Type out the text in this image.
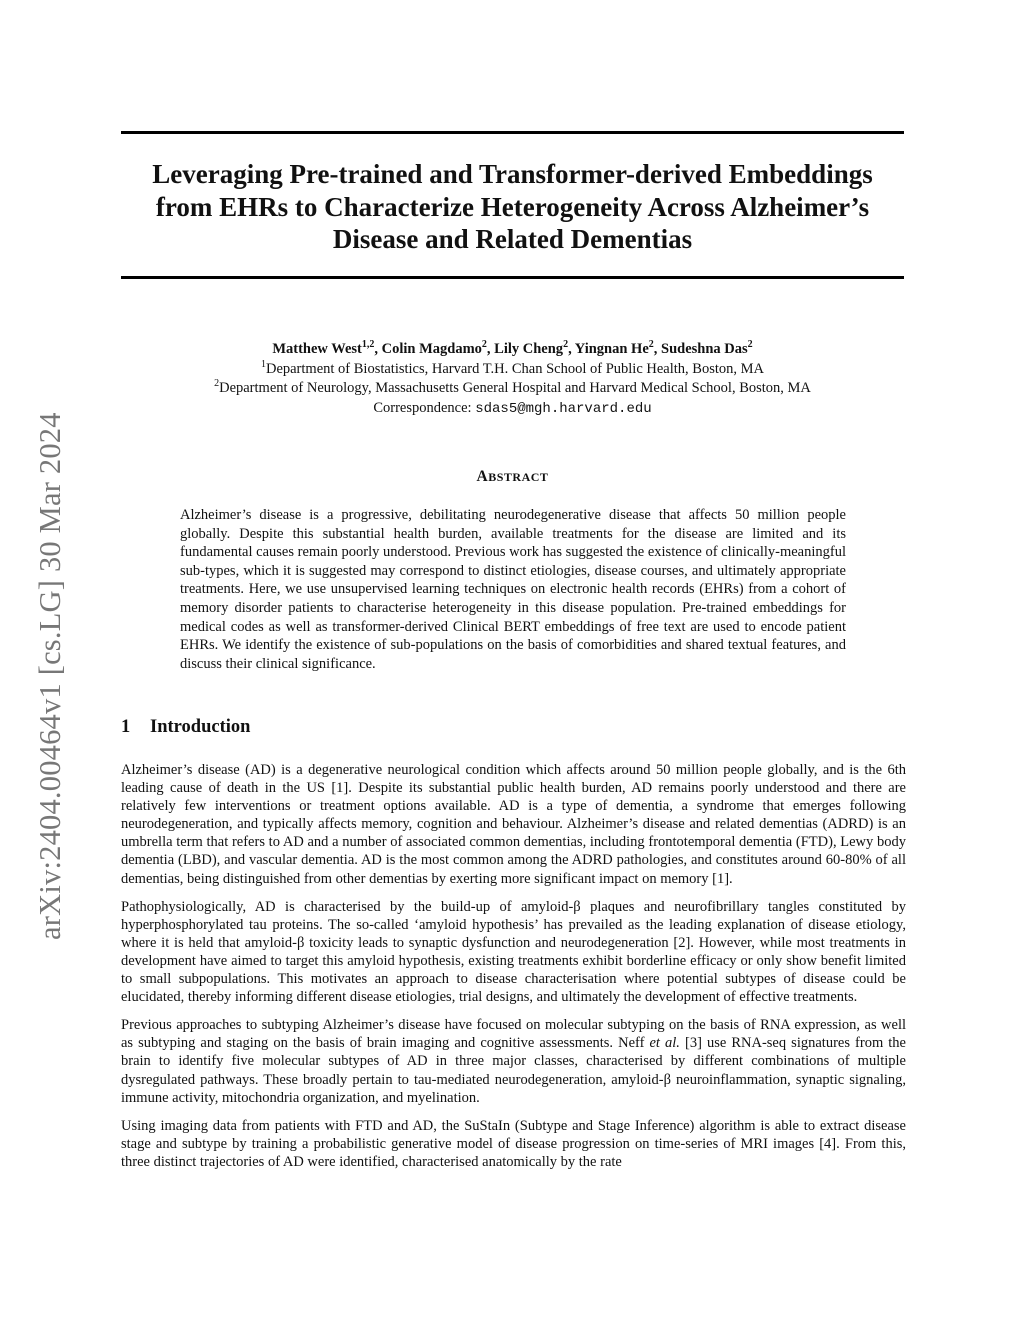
arXiv:2404.00464v1 [cs.LG] 30 Mar 2024
Leveraging Pre-trained and Transformer-derived Embeddings
from EHRs to Characterize Heterogeneity Across Alzheimer’s
Disease and Related Dementias
Matthew West$^{1,2}$, Colin Magdamo$^2$, Lily Cheng$^2$, Yingnan He$^2$, Sudeshna Das$^2$
$^1$Department of Biostatistics, Harvard T.H. Chan School of Public Health, Boston, MA
$^2$Department of Neurology, Massachusetts General Hospital and Harvard Medical School, Boston, MA
Correspondence: sdas5@mgh.harvard.edu
ABSTRACT

Alzheimer’s disease is a progressive, debilitating neurodegenerative disease that affects 50 million people globally. Despite this substantial health burden, available treatments for the disease are limited and its fundamental causes remain poorly understood. Previous work has suggested the existence of clinically-meaningful sub-types, which it is suggested may correspond to distinct etiologies, disease courses, and ultimately appropriate treatments. Here, we use unsupervised learning techniques on electronic health records (EHRs) from a cohort of memory disorder patients to characterise heterogeneity in this disease population. Pre-trained embeddings for medical codes as well as transformer-derived Clinical BERT embeddings of free text are used to encode patient EHRs. We identify the existence of sub-populations on the basis of comorbidities and shared textual features, and discuss their clinical significance.

1 Introduction

Alzheimer’s disease (AD) is a degenerative neurological condition which affects around 50 million people globally, and is the 6th leading cause of death in the US [1]. Despite its substantial public health burden, AD remains poorly understood and there are relatively few interventions or treatment options available. AD is a type of dementia, a syndrome that emerges following neurodegeneration, and typically affects memory, cognition and behaviour. Alzheimer’s disease and related dementias (ADRD) is an umbrella term that refers to AD and a number of associated common dementias, including frontotemporal dementia (FTD), Lewy body dementia (LBD), and vascular dementia. AD is the most common among the ADRD pathologies, and constitutes around 60-80% of all dementias, being distinguished from other dementias by exerting more significant impact on memory [1].

Pathophysiologically, AD is characterised by the build-up of amyloid-β plaques and neurofibrillary tangles constituted by hyperphosphorylated tau proteins. The so-called ‘amyloid hypothesis’ has prevailed as the leading explanation of disease etiology, where it is held that amyloid-β toxicity leads to synaptic dysfunction and neurodegeneration [2]. However, while most treatments in development have aimed to target this amyloid hypothesis, existing treatments exhibit borderline efficacy or only show benefit limited to small subpopulations. This motivates an approach to disease characterisation where potential subtypes of disease could be elucidated, thereby informing different disease etiologies, trial designs, and ultimately the development of effective treatments.

Previous approaches to subtyping Alzheimer’s disease have focused on molecular subtyping on the basis of RNA expression, as well as subtyping and staging on the basis of brain imaging and cognitive assessments. Neff et al. [3] use RNA-seq signatures from the brain to identify five molecular subtypes of AD in three major classes, characterised by different combinations of multiple dysregulated pathways. These broadly pertain to tau-mediated neurodegeneration, amyloid-β neuroinflammation, synaptic signaling, immune activity, mitochondria organization, and myelination.

Using imaging data from patients with FTD and AD, the SuStaIn (Subtype and Stage Inference) algorithm is able to extract disease stage and subtype by training a probabilistic generative model of disease progression on time-series of MRI images [4]. From this, three distinct trajectories of AD were identified, characterised anatomically by the rate
